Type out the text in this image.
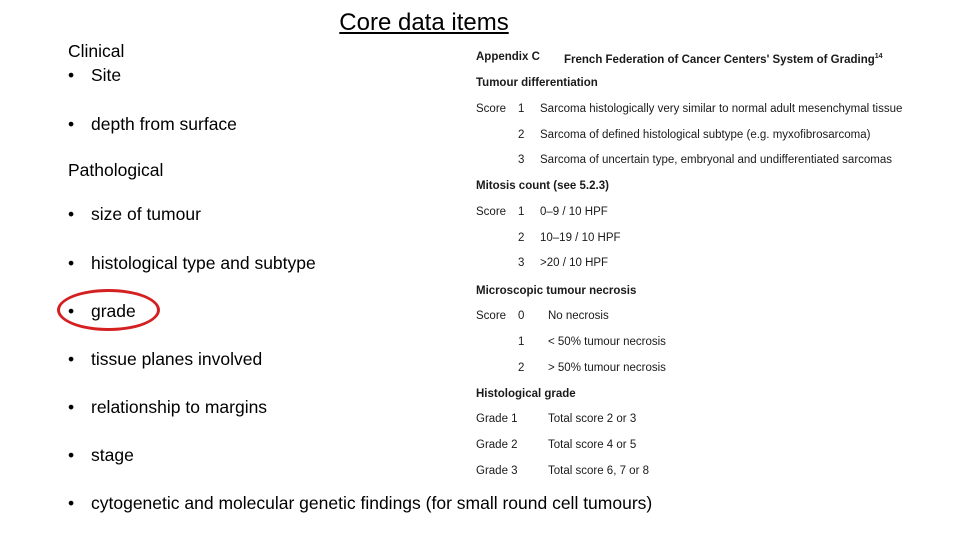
Core data items
Clinical
• Site
• depth from surface
Pathological
• size of tumour
• histological type and subtype
• grade
• tissue planes involved
• relationship to margins
• stage
• cytogenetic and molecular genetic findings (for small round cell tumours)
Appendix C French Federation of Cancer Centers' System of Grading$^{14}$
Tumour differentiation
Score 1 Sarcoma histologically very similar to normal adult mesenchymal tissue
2 Sarcoma of defined histological subtype (e.g. myxofibrosarcoma)
3 Sarcoma of uncertain type, embryonal and undifferentiated sarcomas
Mitosis count (see 5.2.3)
Score 1 0–9 / 10 HPF
2 10–19 / 10 HPF
3 >20 / 10 HPF
Microscopic tumour necrosis
Score 0 No necrosis
1 < 50% tumour necrosis
2 > 50% tumour necrosis
Histological grade
Grade 1	Total score 2 or 3
Grade 2	Total score 4 or 5
Grade 3	Total score 6, 7 or 8
